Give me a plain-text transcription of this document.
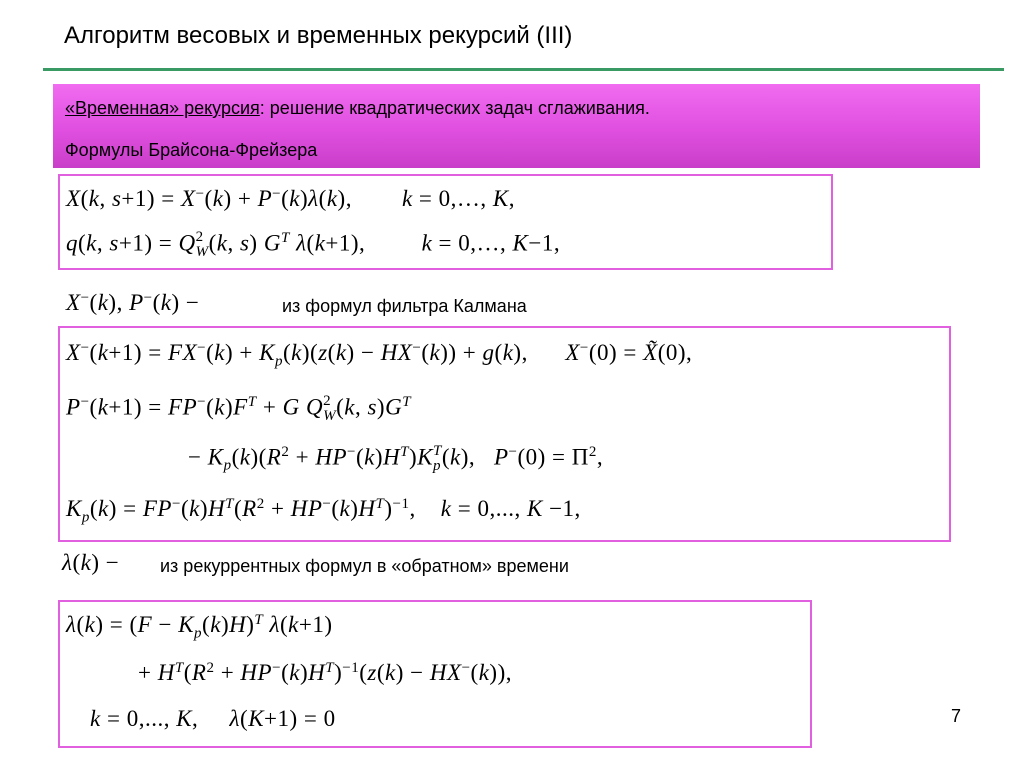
Алгоритм весовых и временных рекурсий (III)
«Временная» рекурсия: решение квадратических задач сглаживания.
Формулы Брайсона-Фрейзера
X(k, s+1) = X−(k) + P−(k)λ(k),        k = 0,…, K,
q(k, s+1) = Q 2
W (k, s) $G^T$ λ(k+1),         k = 0,…, K−1,
X−(k), P−(k) −	из формул фильтра Калмана
$X^-(k+1) = FX^-(k) + K_p(k)(z(k) - HX^-(k)) + g(k)$,      X−(0) = X̃(0),
$P^-(k+1) = FP^-(k)F^T + G$ Q 2
W (k, $s)G^T$
− $K_p(k)(R^2 + HP^-(k)H^T)K$ T
p (k),   $P^-(0) = \Pi^2$,
$K_p(k) = FP^-(k)H^T(R^2 + HP^-(k)H^T)^{-1}$,    k = 0,..., K −1,
λ(k) − из рекуррентных формул в «обратном» времени
$\lambda(k) = (F - K_p(k)H)^T$ λ(k+1)
+ $H^T(R^2 + HP^-(k)H^T)^{-1}(z(k) - HX^-(k))$,
k = 0,..., K,     λ(K+1) = 0	7
